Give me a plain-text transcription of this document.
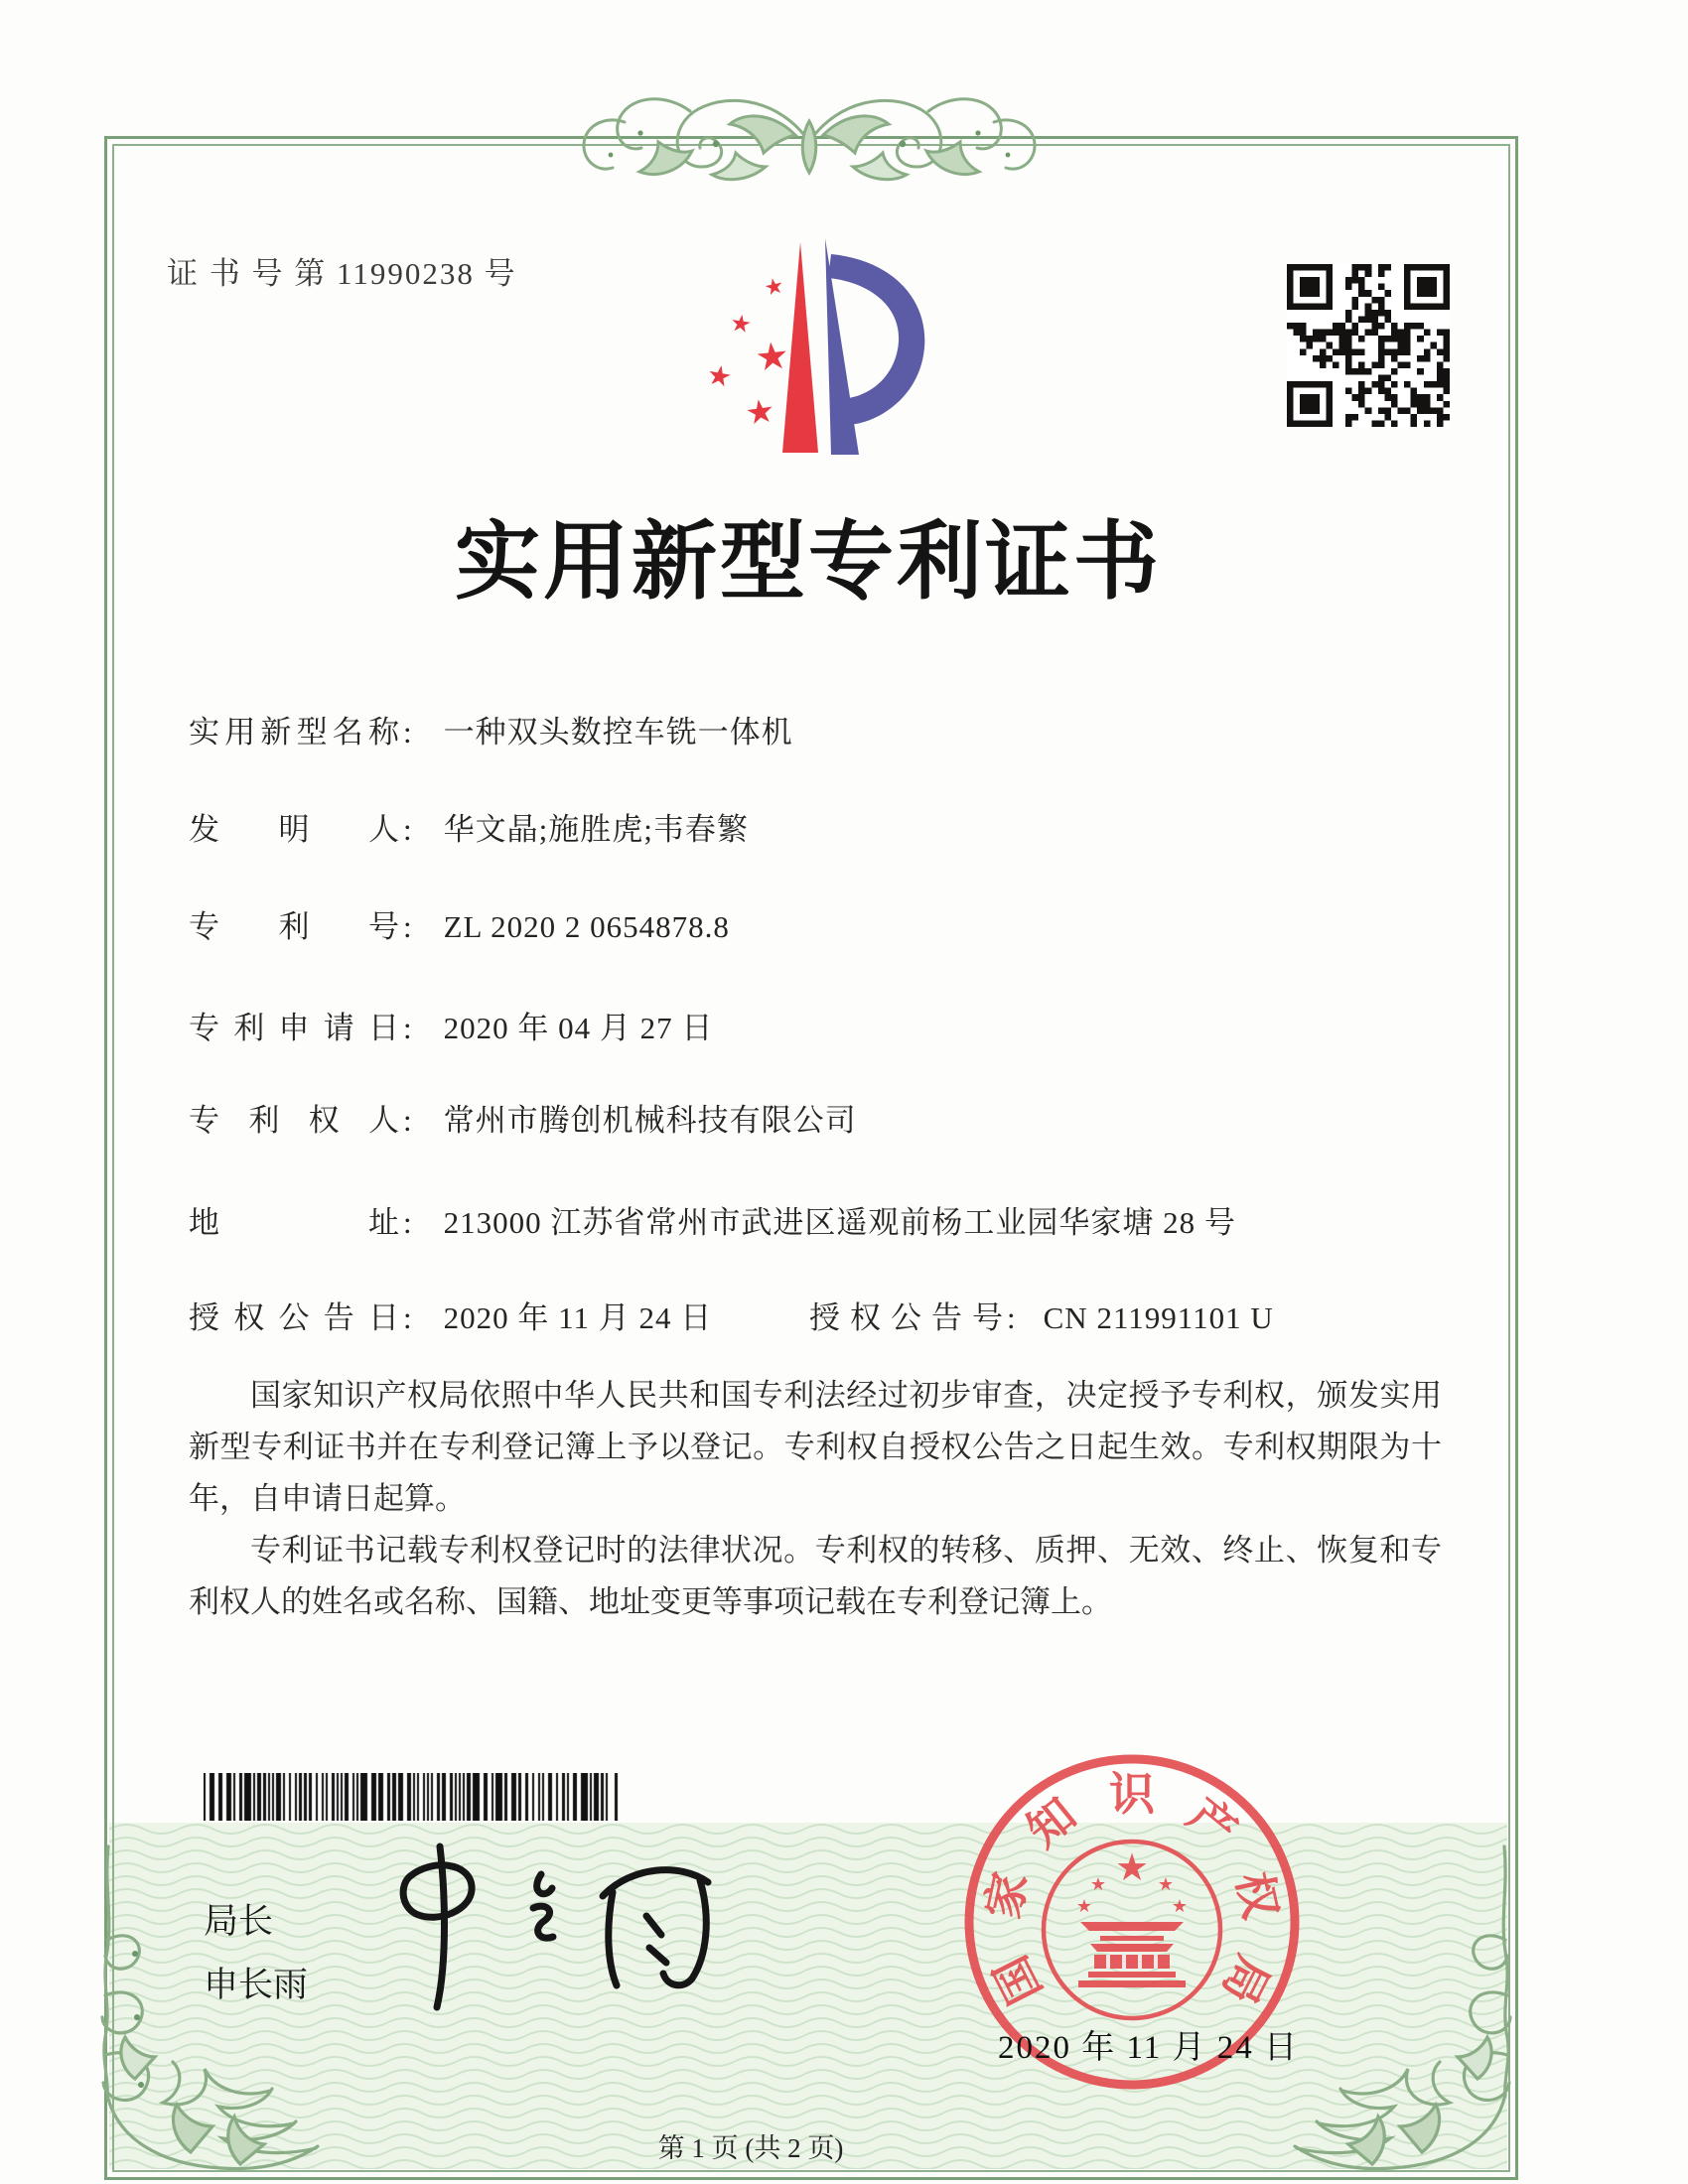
证 书 号 第 11990238 号	★
★
★
★
★
实用新型专利证书
实用新型名称 : 一种双头数控车铣一体机
发明人 : 华文晶;施胜虎;韦春繁
专利号 : ZL 2020 2 0654878.8
专利申请日 : 2020 年 04 月 27 日
专利权人 : 常州市腾创机械科技有限公司
地址 : 213000 江苏省常州市武进区遥观前杨工业园华家塘 28 号
授权公告日 : 2020 年 11 月 24 日	授权公告号 : CN 211991101 U

国家知识产权局依照中华人民共和国专利法经过初步审查，决定授予专利权，颁发实用新型专利证书并在专利登记簿上予以登记。专利权自授权公告之日起生效。专利权期限为十年，自申请日起算。

专利证书记载专利权登记时的法律状况。专利权的转移、质押、无效、终止、恢复和专利权人的姓名或名称、国籍、地址变更等事项记载在专利登记簿上。

局长
申长雨	国
家
知 识 产
权
局
★
★	★
★	★
2020 年 11 月 24 日
第 1 页 (共 2 页)
